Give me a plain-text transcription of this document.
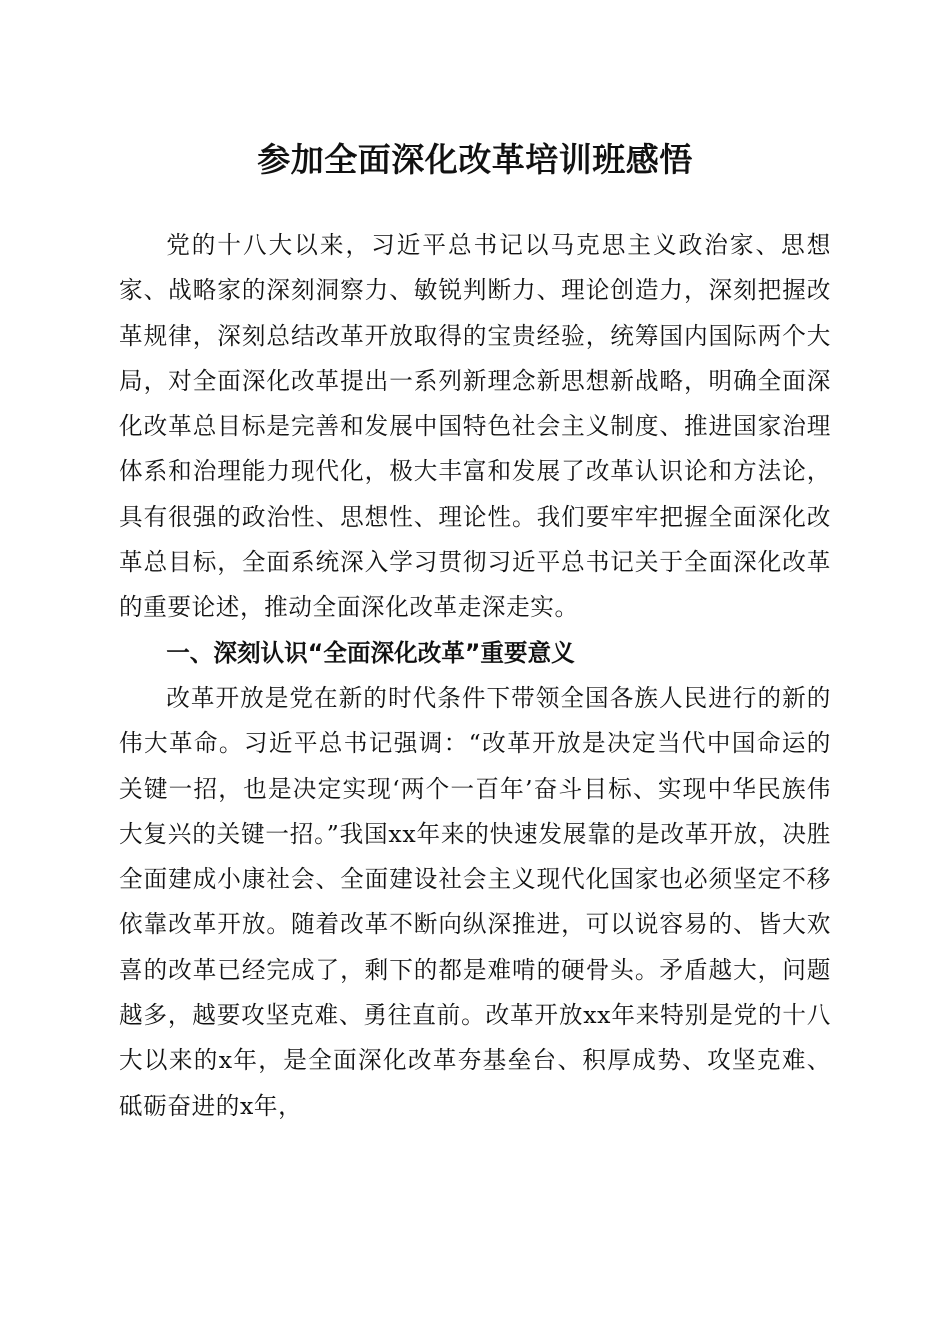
参加全面深化改革培训班感悟

党的十八大以来，习近平总书记以马克思主义政治家、思想家、战略家的深刻洞察力、敏锐判断力、理论创造力，深刻把握改革规律，深刻总结改革开放取得的宝贵经验，统筹国内国际两个大局，对全面深化改革提出一系列新理念新思想新战略，明确全面深化改革总目标是完善和发展中国特色社会主义制度、推进国家治理体系和治理能力现代化，极大丰富和发展了改革认识论和方法论，具有很强的政治性、思想性、理论性。我们要牢牢把握全面深化改革总目标，全面系统深入学习贯彻习近平总书记关于全面深化改革的重要论述，推动全面深化改革走深走实。

一、深刻认识“全面深化改革”重要意义

改革开放是党在新的时代条件下带领全国各族人民进行的新的伟大革命。习近平总书记强调：“改革开放是决定当代中国命运的关键一招，也是决定实现‘两个一百年’奋斗目标、实现中华民族伟大复兴的关键一招。”我国xx年来的快速发展靠的是改革开放，决胜全面建成小康社会、全面建设社会主义现代化国家也必须坚定不移依靠改革开放。随着改革不断向纵深推进，可以说容易的、皆大欢喜的改革已经完成了，剩下的都是难啃的硬骨头。矛盾越大，问题越多，越要攻坚克难、勇往直前。改革开放xx年来特别是党的十八大以来的x年，是全面深化改革夯基垒台、积厚成势、攻坚克难、砥砺奋进的x年，
